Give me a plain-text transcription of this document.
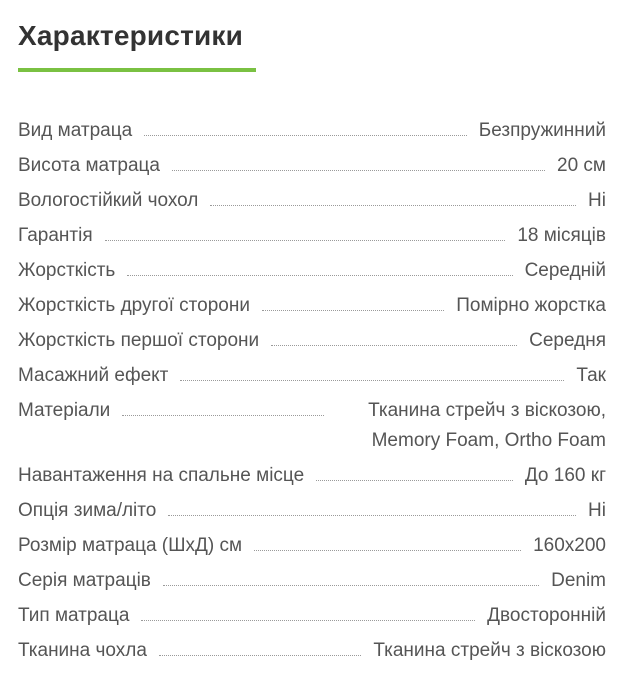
Характеристики
Вид матраца	Безпружинний
Висота матраца	20 см
Вологостійкий чохол	Ні
Гарантія	18 місяців
Жорсткість	Середній
Жорсткість другої сторони	Помірно жорстка
Жорсткість першої сторони	Середня
Масажний ефект	Так
Матеріали	Тканина стрейч з віскозою, Memory Foam, Ortho Foam
Навантаження на спальне місце	До 160 кг
Опція зима/літо	Ні
Розмір матраца (ШхД) см	160х200
Серія матраців	Denim
Тип матраца	Двосторонній
Тканина чохла	Тканина стрейч з віскозою
